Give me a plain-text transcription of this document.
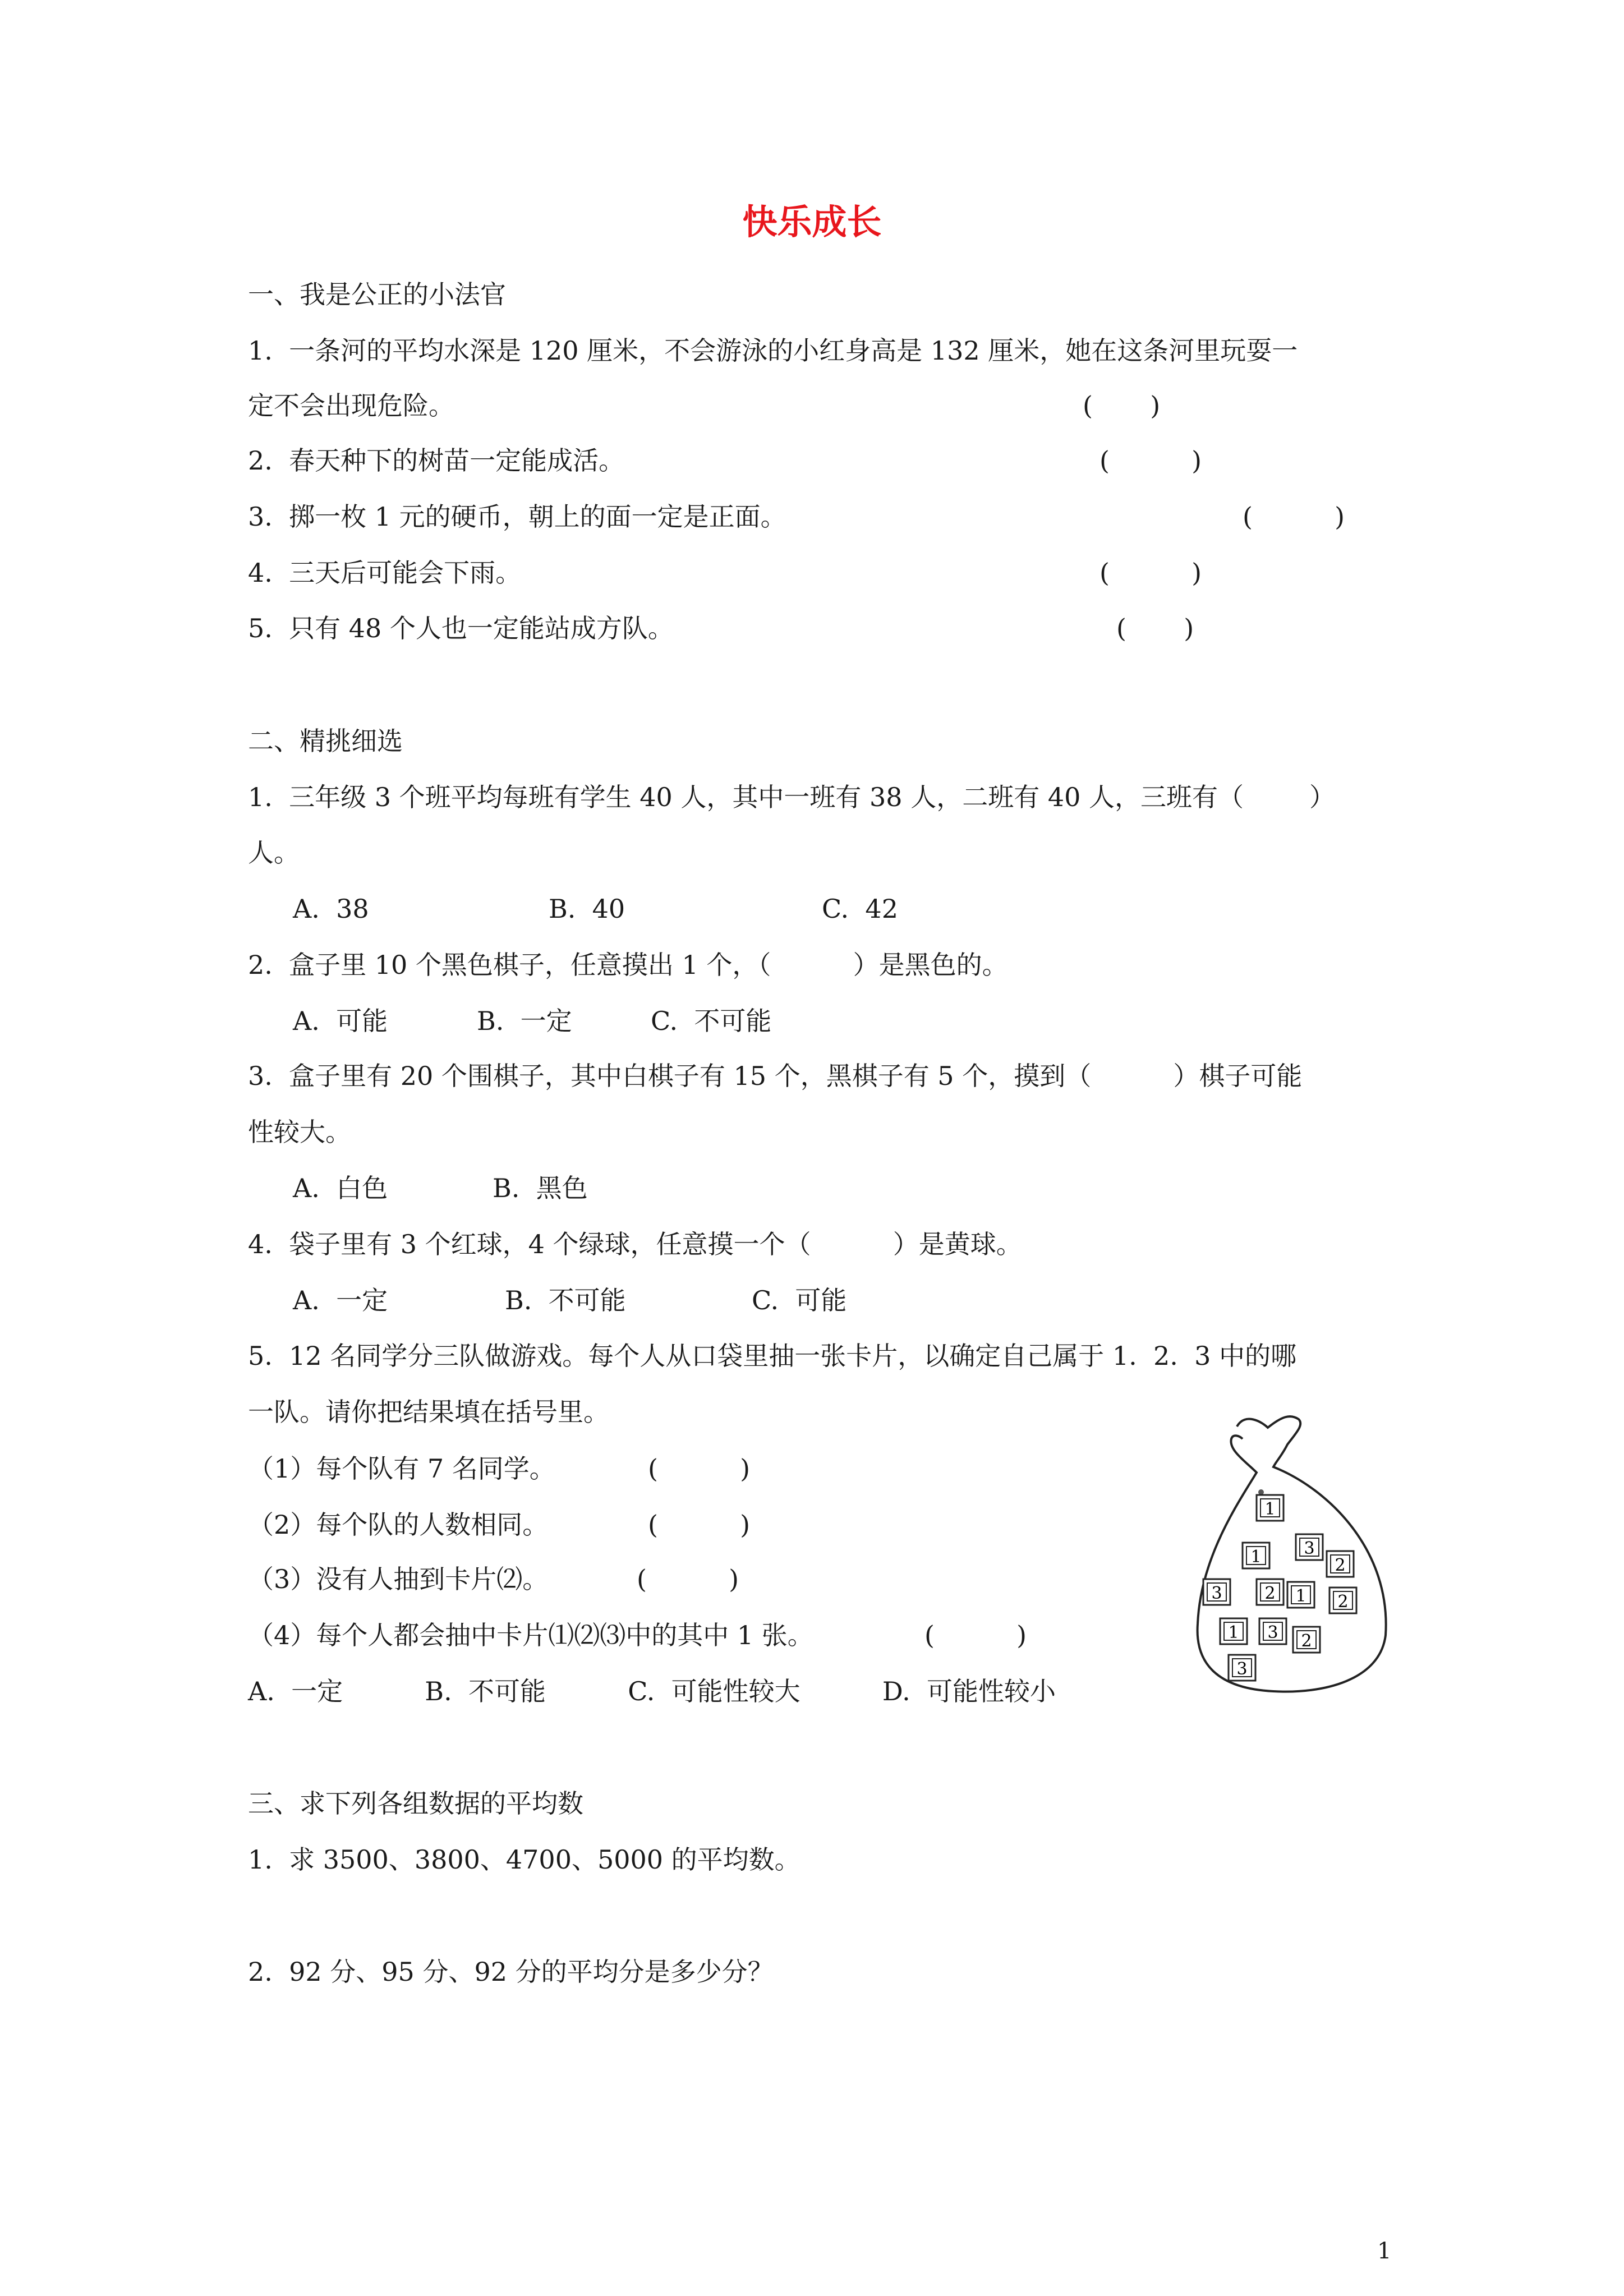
快乐成长
一、我是公正的小法官
1.  一条河的平均水深是 120 厘米，不会游泳的小红身高是 132 厘米，她在这条河里玩耍一
定不会出现危险。	(       )
2.  春天种下的树苗一定能成活。	(          )
3.  掷一枚 1 元的硬币，朝上的面一定是正面。	(          )
4.  三天后可能会下雨。	(          )
5.  只有 48 个人也一定能站成方队。	(       )
二、精挑细选
1.  三年级 3 个班平均每班有学生 40 人，其中一班有 38 人，二班有 40 人，三班有（        ）
人。
A.  38	B.  40	C.  42
2.  盒子里 10 个黑色棋子，任意摸出 1 个，（          ）是黑色的。
A.  可能	B.  一定	C.  不可能
3.  盒子里有 20 个围棋子，其中白棋子有 15 个，黑棋子有 5 个，摸到（          ）棋子可能
性较大。
A.  白色	B.  黑色
4.  袋子里有 3 个红球，4 个绿球，任意摸一个（          ）是黄球。
A.  一定	B.  不可能	C.  可能
5.  12 名同学分三队做游戏。每个人从口袋里抽一张卡片，以确定自己属于 1.  2.  3 中的哪
一队。请你把结果填在括号里。
（1）每个队有 7 名同学。	(          )
（2）每个队的人数相同。	(          )
（3）没有人抽到卡片⑵。	(          )
（4）每个人都会抽中卡片⑴⑵⑶中的其中 1 张。	(          )
A.  一定          B.  不可能          C.  可能性较大          D.  可能性较小
1
1	3
2
3	2 1 2
1 3 2
3
三、求下列各组数据的平均数
1.  求 3500、3800、4700、5000 的平均数。
2.  92 分、95 分、92 分的平均分是多少分？
1
